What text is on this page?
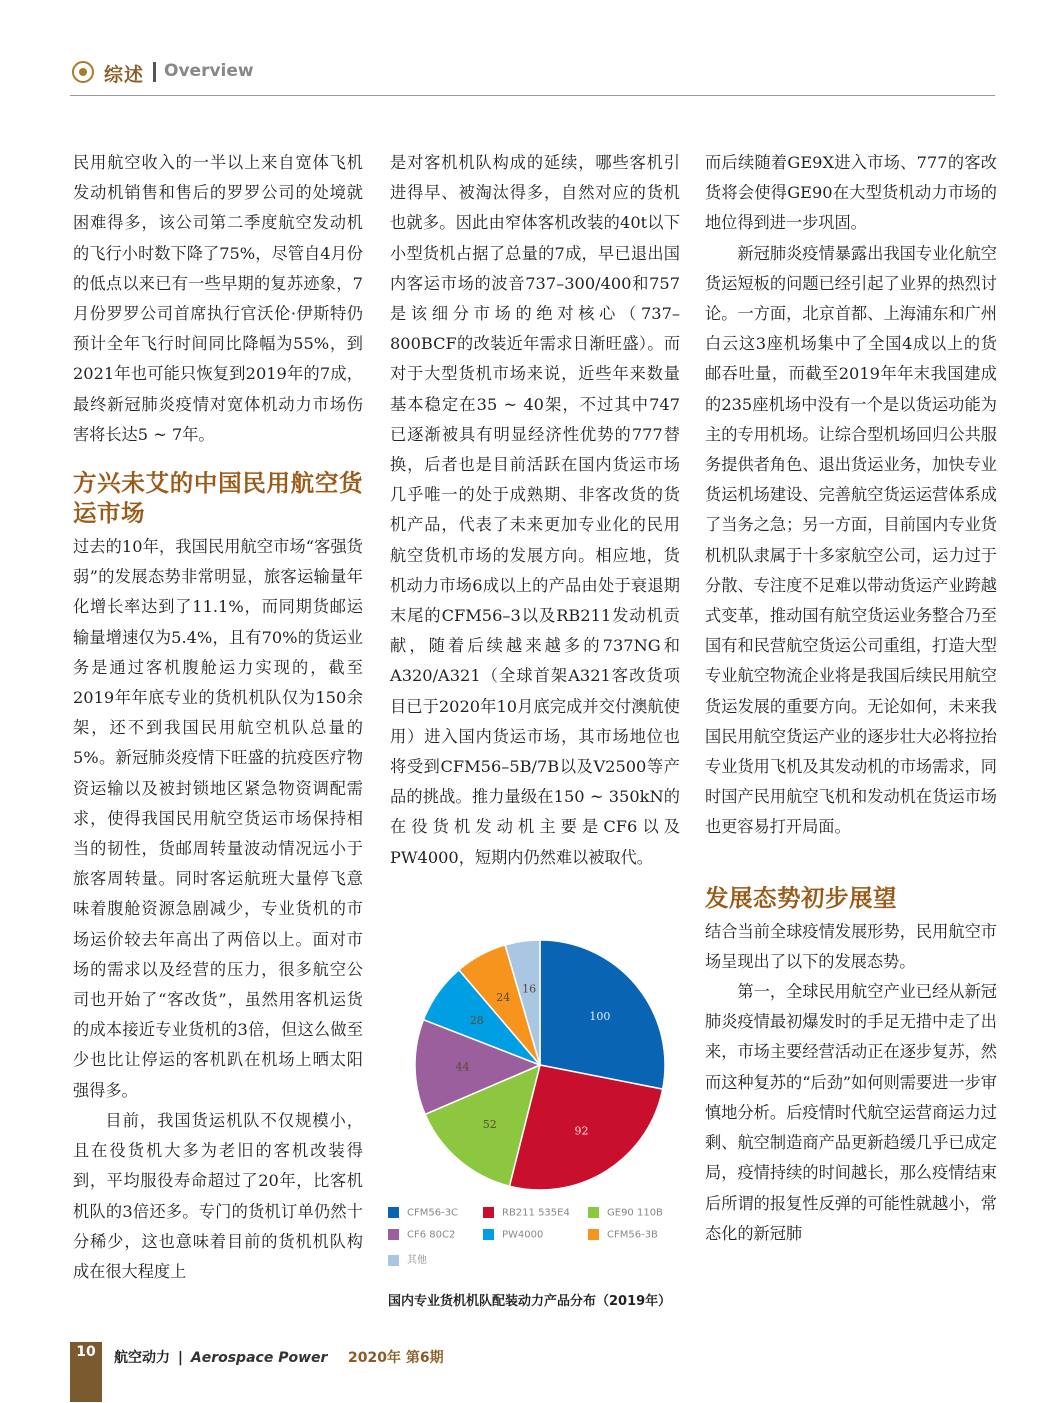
综述 Overview

民用航空收入的一半以上来自宽体飞机发动机销售和售后的罗罗公司的处境就困难得多，该公司第二季度航空发动机的飞行小时数下降了75%，尽管自4月份的低点以来已有一些早期的复苏迹象，7月份罗罗公司首席执行官沃伦·伊斯特仍预计全年飞行时间同比降幅为55%，到2021年也可能只恢复到2019年的7成，最终新冠肺炎疫情对宽体机动力市场伤害将长达5 ~ 7年。

方兴未艾的中国民用航空货运市场

过去的10年，我国民用航空市场“客强货弱”的发展态势非常明显，旅客运输量年化增长率达到了11.1%，而同期货邮运输量增速仅为5.4%，且有70%的货运业务是通过客机腹舱运力实现的，截至2019年年底专业的货机机队仅为150余架，还不到我国民用航空机队总量的5%。新冠肺炎疫情下旺盛的抗疫医疗物资运输以及被封锁地区紧急物资调配需求，使得我国民用航空货运市场保持相当的韧性，货邮周转量波动情况远小于旅客周转量。同时客运航班大量停飞意味着腹舱资源急剧减少，专业货机的市场运价较去年高出了两倍以上。面对市场的需求以及经营的压力，很多航空公司也开始了“客改货”，虽然用客机运货的成本接近专业货机的3倍，但这么做至少也比让停运的客机趴在机场上晒太阳强得多。

目前，我国货运机队不仅规模小，且在役货机大多为老旧的客机改装得到，平均服役寿命超过了20年，比客机机队的3倍还多。专门的货机订单仍然十分稀少，这也意味着目前的货机机队构成在很大程度上

是对客机机队构成的延续，哪些客机引进得早、被淘汰得多，自然对应的货机也就多。因此由窄体客机改装的40t以下小型货机占据了总量的7成，早已退出国内客运市场的波音737–300/400和757是该细分市场的绝对核心（737–800BCF的改装近年需求日渐旺盛）。而对于大型货机市场来说，近些年来数量基本稳定在35 ~ 40架，不过其中747已逐渐被具有明显经济性优势的777替换，后者也是目前活跃在国内货运市场几乎唯一的处于成熟期、非客改货的货机产品，代表了未来更加专业化的民用航空货机市场的发展方向。相应地，货机动力市场6成以上的产品由处于衰退期末尾的CFM56–3以及RB211发动机贡献，随着后续越来越多的737NG和A320/A321（全球首架A321客改货项目已于2020年10月底完成并交付澳航使用）进入国内货运市场，其市场地位也将受到CFM56–5B/7B以及V2500等产品的挑战。推力量级在150 ~ 350kN的在役货机发动机主要是CF6以及PW4000，短期内仍然难以被取代。

而后续随着GE9X进入市场、777的客改货将会使得GE90在大型货机动力市场的地位得到进一步巩固。

新冠肺炎疫情暴露出我国专业化航空货运短板的问题已经引起了业界的热烈讨论。一方面，北京首都、上海浦东和广州白云这3座机场集中了全国4成以上的货邮吞吐量，而截至2019年年末我国建成的235座机场中没有一个是以货运功能为主的专用机场。让综合型机场回归公共服务提供者角色、退出货运业务，加快专业货运机场建设、完善航空货运运营体系成了当务之急；另一方面，目前国内专业货机机队隶属于十多家航空公司，运力过于分散、专注度不足难以带动货运产业跨越式变革，推动国有航空货运业务整合乃至国有和民营航空货运公司重组，打造大型专业航空物流企业将是我国后续民用航空货运发展的重要方向。无论如何，未来我国民用航空货运产业的逐步壮大必将拉抬专业货用飞机及其发动机的市场需求，同时国产民用航空飞机和发动机在货运市场也更容易打开局面。

发展态势初步展望

结合当前全球疫情发展形势，民用航空市场呈现出了以下的发展态势。

第一，全球民用航空产业已经从新冠肺炎疫情最初爆发时的手足无措中走了出来，市场主要经营活动正在逐步复苏，然而这种复苏的“后劲”如何则需要进一步审慎地分析。后疫情时代航空运营商运力过剩、航空制造商产品更新趋缓几乎已成定局，疫情持续的时间越长，那么疫情结束后所谓的报复性反弹的可能性就越小，常态化的新冠肺

100
92
52
44
28
24
16
CFM56-3C	RB211 535E4	GE90 110B
CF6 80C2	PW4000	CFM56-3B
其他
国内专业货机机队配装动力产品分布（2019年）
10	航空动力 | Aerospace Power 2020年 第6期
